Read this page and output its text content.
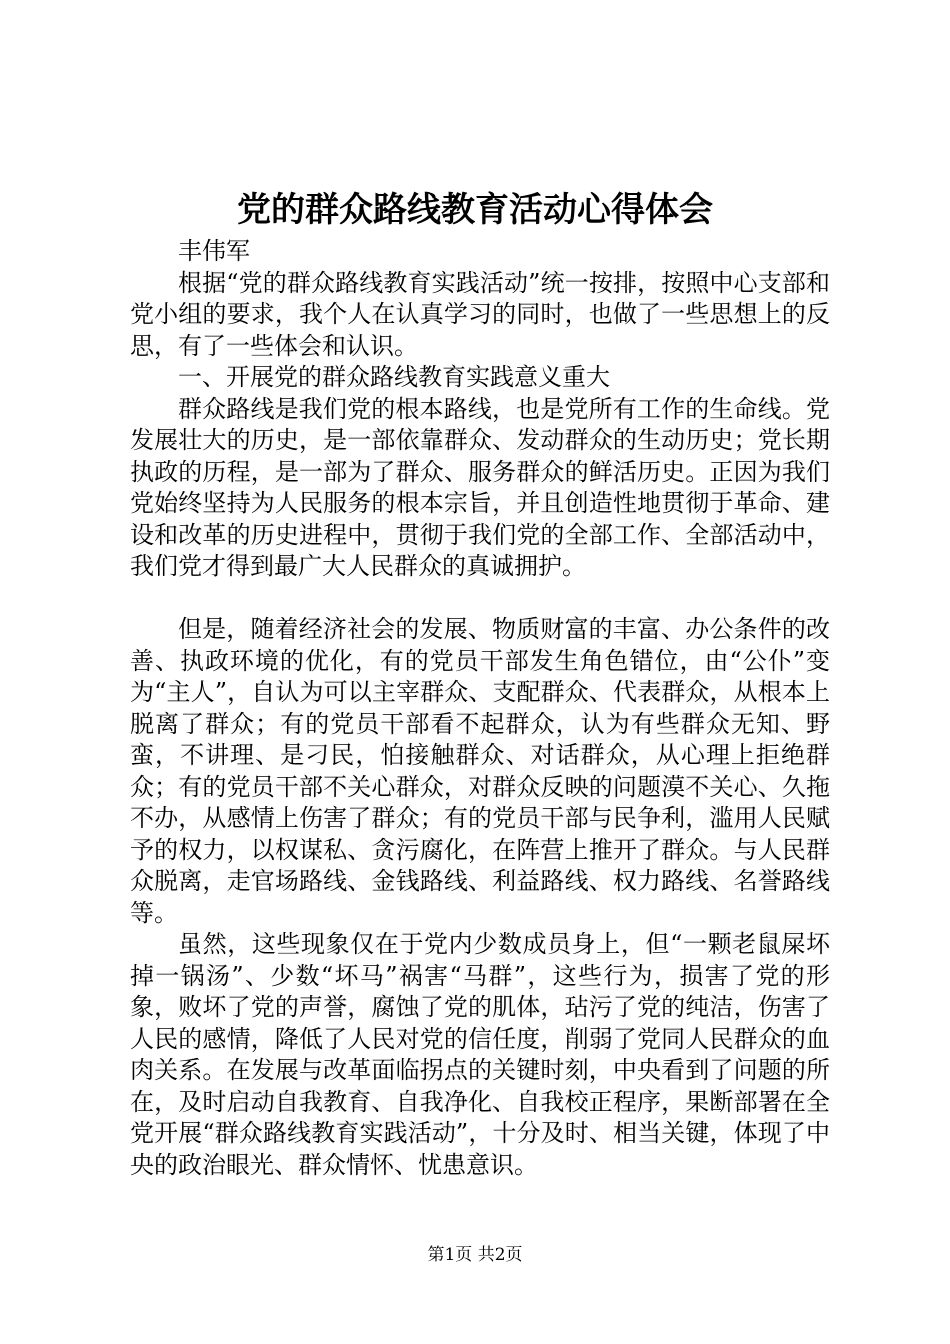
党的群众路线教育活动心得体会

丰伟军

根据“党的群众路线教育实践活动”统一按排，按照中心支部和党小组的要求，我个人在认真学习的同时，也做了一些思想上的反思，有了一些体会和认识。

一、开展党的群众路线教育实践意义重大

群众路线是我们党的根本路线，也是党所有工作的生命线。党发展壮大的历史，是一部依靠群众、发动群众的生动历史；党长期执政的历程，是一部为了群众、服务群众的鲜活历史。正因为我们党始终坚持为人民服务的根本宗旨，并且创造性地贯彻于革命、建设和改革的历史进程中，贯彻于我们党的全部工作、全部活动中，我们党才得到最广大人民群众的真诚拥护。

但是，随着经济社会的发展、物质财富的丰富、办公条件的改善、执政环境的优化，有的党员干部发生角色错位，由“公仆”变为“主人”，自认为可以主宰群众、支配群众、代表群众，从根本上脱离了群众；有的党员干部看不起群众，认为有些群众无知、野蛮，不讲理、是刁民，怕接触群众、对话群众，从心理上拒绝群众；有的党员干部不关心群众，对群众反映的问题漠不关心、久拖不办，从感情上伤害了群众；有的党员干部与民争利，滥用人民赋予的权力，以权谋私、贪污腐化，在阵营上推开了群众。与人民群众脱离，走官场路线、金钱路线、利益路线、权力路线、名誉路线等。

虽然，这些现象仅在于党内少数成员身上，但“一颗老鼠屎坏掉一锅汤”、少数“坏马”祸害“马群”，这些行为，损害了党的形象，败坏了党的声誉，腐蚀了党的肌体，玷污了党的纯洁，伤害了人民的感情，降低了人民对党的信任度，削弱了党同人民群众的血肉关系。在发展与改革面临拐点的关键时刻，中央看到了问题的所在，及时启动自我教育、自我净化、自我校正程序，果断部署在全党开展“群众路线教育实践活动”，十分及时、相当关键，体现了中央的政治眼光、群众情怀、忧患意识。

第1页 共2页
